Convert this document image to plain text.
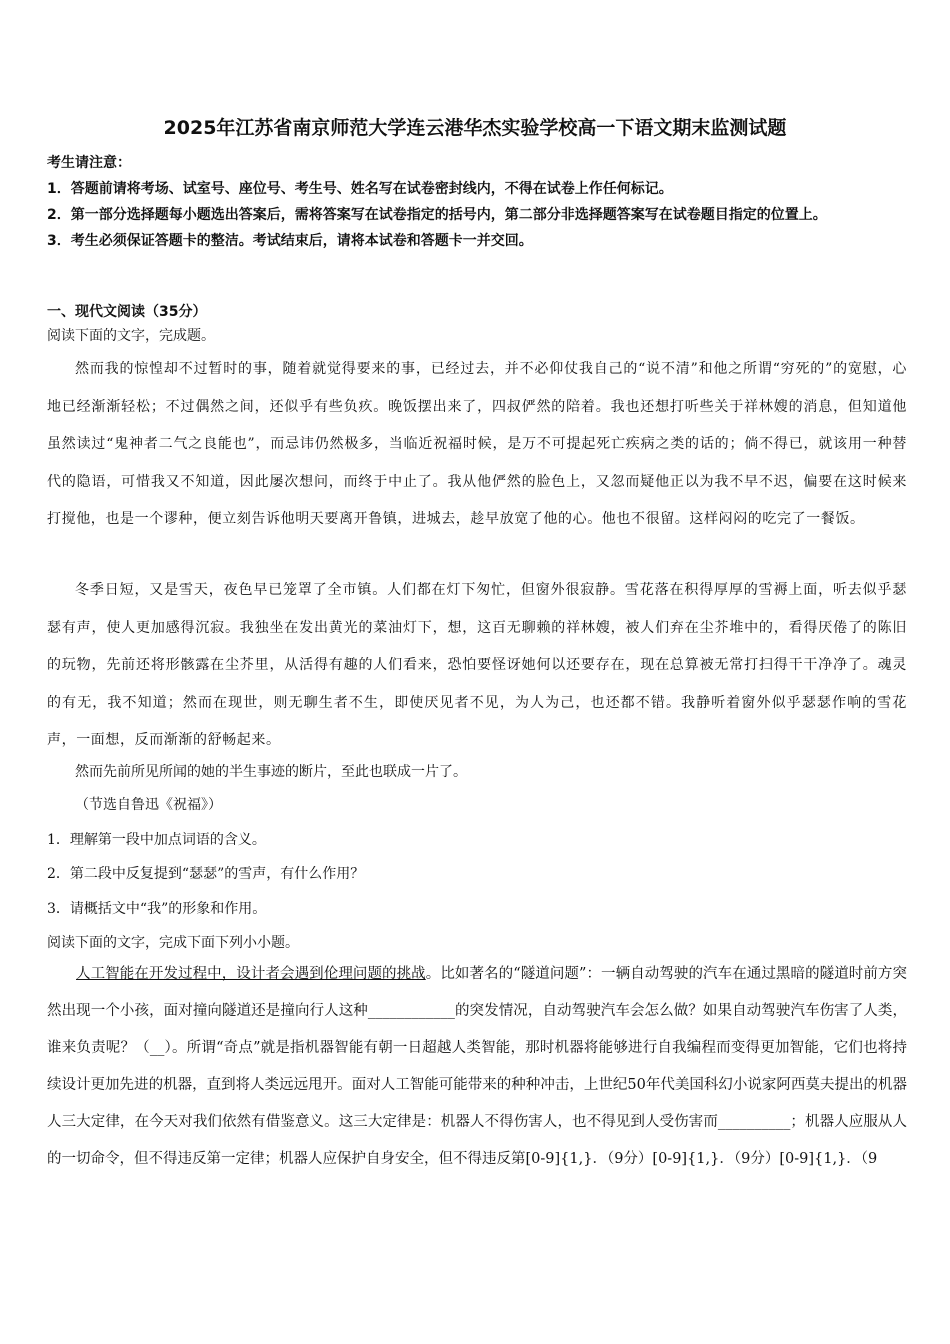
2025年江苏省南京师范大学连云港华杰实验学校高一下语文期末监测试题
考生请注意：
1．答题前请将考场、试室号、座位号、考生号、姓名写在试卷密封线内，不得在试卷上作任何标记。
2．第一部分选择题每小题选出答案后，需将答案写在试卷指定的括号内，第二部分非选择题答案写在试卷题目指定的位置上。
3．考生必须保证答题卡的整洁。考试结束后，请将本试卷和答题卡一并交回。
一、现代文阅读（35分）
阅读下面的文字，完成题。
然而我的惊惶却不过暂时的事，随着就觉得要来的事，已经过去，并不必仰仗我自己的“说不清”和他之所谓“穷死的”的宽慰，心地已经渐渐轻松；不过偶然之间，还似乎有些负疚。晚饭摆出来了，四叔俨然的陪着。我也还想打听些关于祥林嫂的消息，但知道他虽然读过“鬼神者二气之良能也”，而忌讳仍然极多，当临近祝福时候，是万不可提起死亡疾病之类的话的；倘不得已，就该用一种替代的隐语，可惜我又不知道，因此屡次想问，而终于中止了。我从他俨然的脸色上，又忽而疑他正以为我不早不迟，偏要在这时候来打搅他，也是一个谬种，便立刻告诉他明天要离开鲁镇，进城去，趁早放宽了他的心。他也不很留。这样闷闷的吃完了一餐饭。
冬季日短，又是雪天，夜色早已笼罩了全市镇。人们都在灯下匆忙，但窗外很寂静。雪花落在积得厚厚的雪褥上面，听去似乎瑟瑟有声，使人更加感得沉寂。我独坐在发出黄光的菜油灯下，想，这百无聊赖的祥林嫂，被人们弃在尘芥堆中的，看得厌倦了的陈旧的玩物，先前还将形骸露在尘芥里，从活得有趣的人们看来，恐怕要怪讶她何以还要存在，现在总算被无常打扫得干干净净了。魂灵的有无，我不知道；然而在现世，则无聊生者不生，即使厌见者不见，为人为己，也还都不错。我静听着窗外似乎瑟瑟作响的雪花声，一面想，反而渐渐的舒畅起来。
然而先前所见所闻的她的半生事迹的断片，至此也联成一片了。
（节选自鲁迅《祝福》）
1．理解第一段中加点词语的含义。
2．第二段中反复提到“瑟瑟”的雪声，有什么作用？
3．请概括文中“我”的形象和作用。
阅读下面的文字，完成下面下列小小题。
人工智能在开发过程中，设计者会遇到伦理问题的挑战。比如著名的“隧道问题”：一辆自动驾驶的汽车在通过黑暗的隧道时前方突然出现一个小孩，面对撞向隧道还是撞向行人这种____________的突发情况，自动驾驶汽车会怎么做？如果自动驾驶汽车伤害了人类，谁来负责呢？（__）。所谓“奇点”就是指机器智能有朝一日超越人类智能，那时机器将能够进行自我编程而变得更加智能，它们也将持续设计更加先进的机器，直到将人类远远甩开。面对人工智能可能带来的种种冲击，上世纪50年代美国科幻小说家阿西莫夫提出的机器人三大定律，在今天对我们依然有借鉴意义。这三大定律是：机器人不得伤害人，也不得见到人受伤害而__________；机器人应服从人的一切命令，但不得违反第一定律；机器人应保护自身安全，但不得违反第[0-9]{1,}．（9分）[0-9]{1,}．（9分）[0-9]{1,}．（9
